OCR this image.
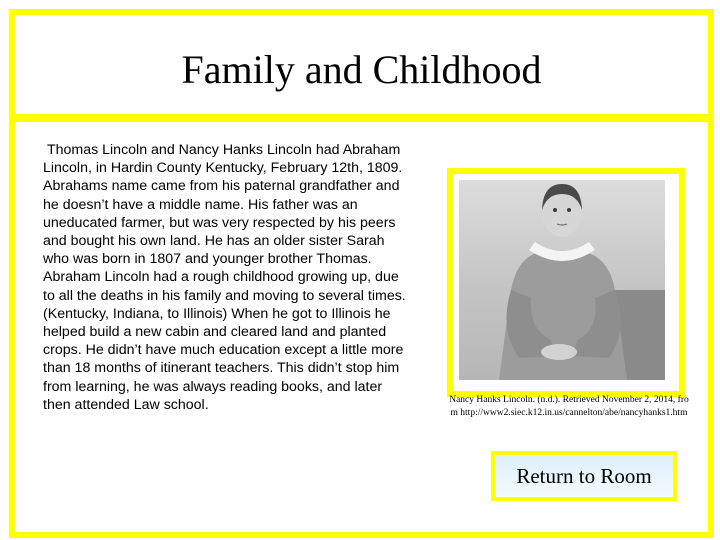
Family and Childhood
Thomas Lincoln and Nancy Hanks Lincoln had Abraham Lincoln, in Hardin County Kentucky, February 12th, 1809. Abrahams name came from his paternal grandfather and he doesn’t have a middle name. His father was an uneducated farmer, but was very respected by his peers and bought his own land. He has an older sister Sarah who was born in 1807 and younger brother Thomas. Abraham Lincoln had a rough childhood growing up, due to all the deaths in his family and moving to several times. (Kentucky, Indiana, to Illinois) When he got to Illinois he helped build a new cabin and cleared land and planted crops. He didn’t have much education except a little more than 18 months of itinerant teachers. This didn’t stop him from learning, he was always reading books, and later then attended Law school.	Nancy Hanks Lincoln. (n.d.). Retrieved November 2, 2014, from http://www2.siec.k12.in.us/cannelton/abe/nancyhanks1.htm
Return to Room
